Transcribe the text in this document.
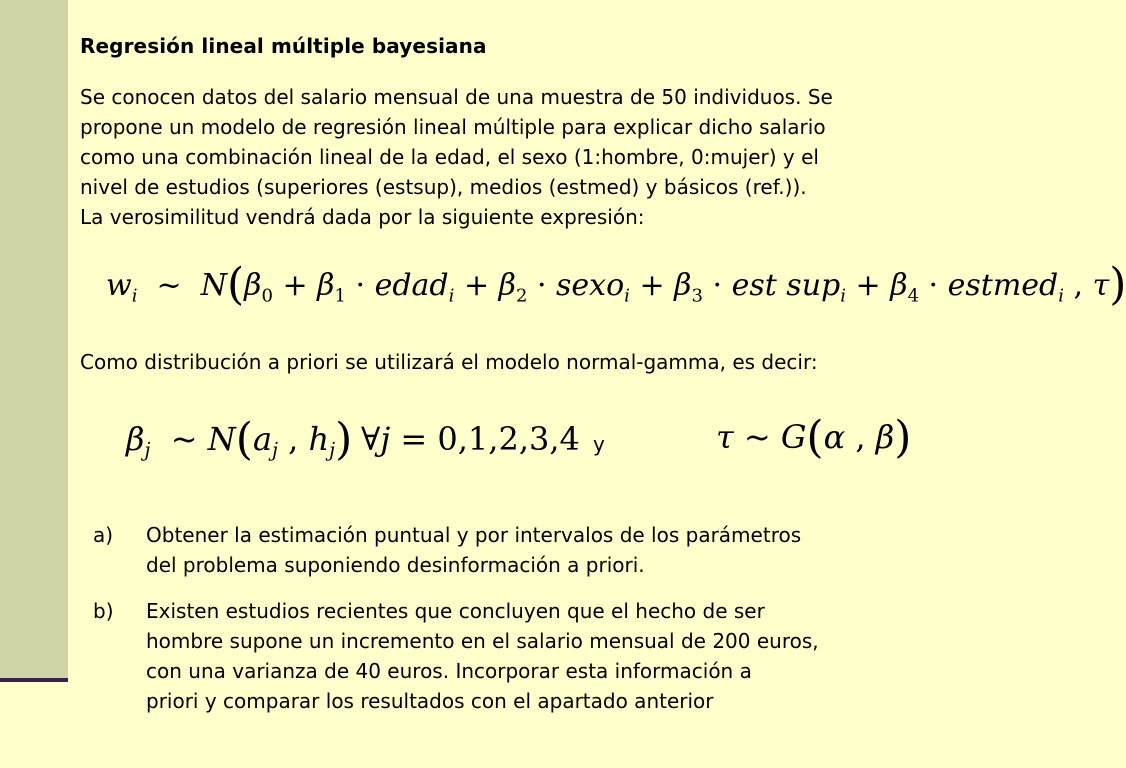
Regresión lineal múltiple bayesiana

Se conocen datos del salario mensual de una muestra de 50 individuos. Se
propone un modelo de regresión lineal múltiple para explicar dicho salario
como una combinación lineal de la edad, el sexo (1:hombre, 0:mujer) y el
nivel de estudios (superiores (estsup), medios (estmed) y básicos (ref.)).
La verosimilitud vendrá dada por la siguiente expresión:

$w_i$  ~  $N(\beta_0 + \beta_1$ · edad$_i$ + $\beta_2$ · sexo$_i$ + $\beta_3$ · est $sup_i + \beta_4$ · estmed$_i$ , τ)
Como distribución a priori se utilizará el modelo normal-gamma, es decir:
$\beta_j$  ~ $N(a_j$ , $h_j$) ∀j = 0,1,2,3,4 y	τ ~ G(α , β)
a) Obtener la estimación puntual y por intervalos de los parámetros
del problema suponiendo desinformación a priori.
b) Existen estudios recientes que concluyen que el hecho de ser
hombre supone un incremento en el salario mensual de 200 euros,
con una varianza de 40 euros. Incorporar esta información a
priori y comparar los resultados con el apartado anterior
